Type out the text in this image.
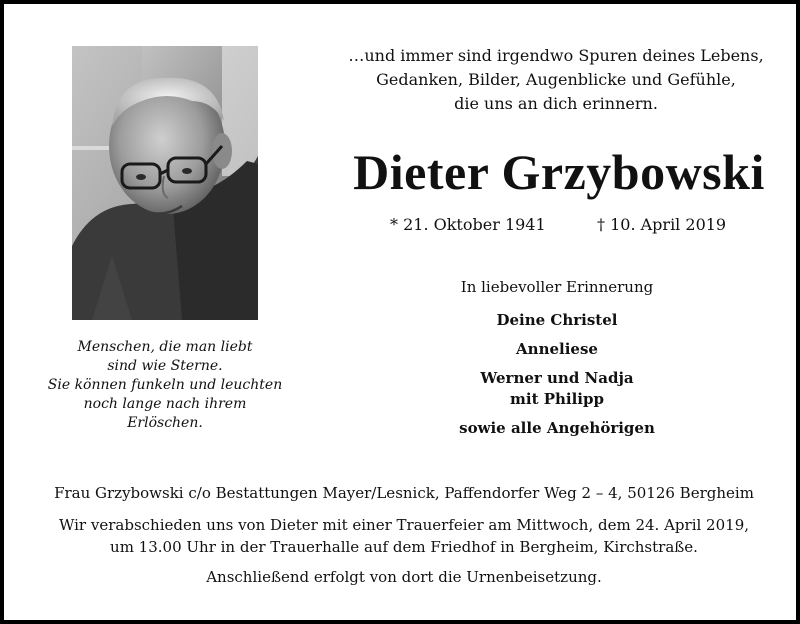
Menschen, die man liebt
sind wie Sterne.
Sie können funkeln und leuchten
noch lange nach ihrem
Erlöschen.
…und immer sind irgendwo Spuren deines Lebens,
Gedanken, Bilder, Augenblicke und Gefühle,
die uns an dich erinnern.
Dieter Grzybowski
* 21. Oktober 1941	† 10. April 2019
In liebevoller Erinnerung
Deine Christel
Anneliese
Werner und Nadja
mit Philipp
sowie alle Angehörigen
Frau Grzybowski c/o Bestattungen Mayer/Lesnick, Paffendorfer Weg 2 – 4, 50126 Bergheim
Wir verabschieden uns von Dieter mit einer Trauerfeier am Mittwoch, dem 24. April 2019,
um 13.00 Uhr in der Trauerhalle auf dem Friedhof in Bergheim, Kirchstraße.
Anschließend erfolgt von dort die Urnenbeisetzung.
